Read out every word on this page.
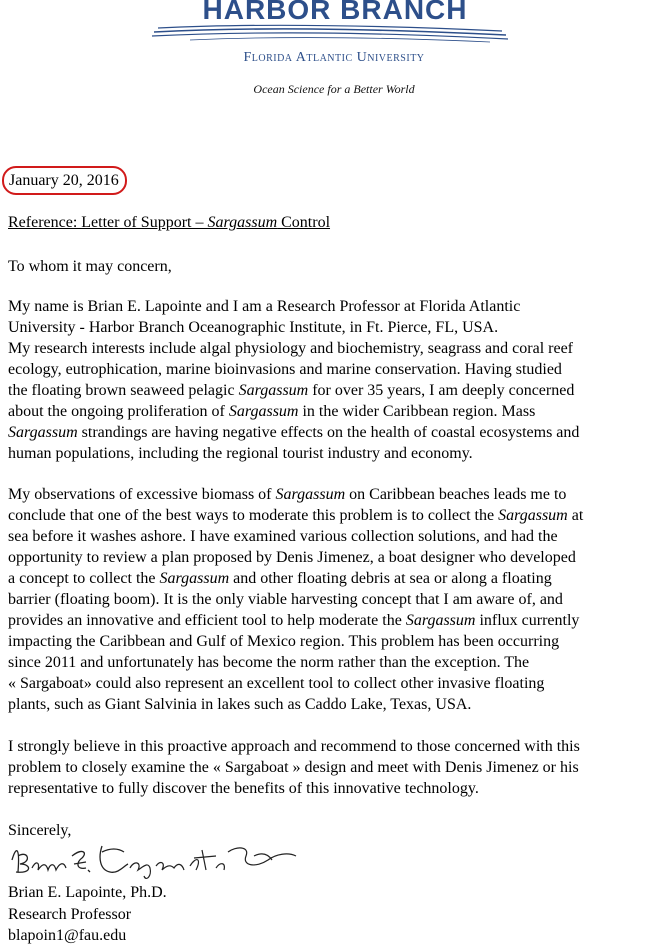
HARBOR BRANCH
Florida Atlantic University
Ocean Science for a Better World
January 20, 2016
Reference: Letter of Support – Sargassum Control
To whom it may concern,
My name is Brian E. Lapointe and I am a Research Professor at Florida Atlantic
University - Harbor Branch Oceanographic Institute, in Ft. Pierce, FL, USA.
My research interests include algal physiology and biochemistry, seagrass and coral reef
ecology, eutrophication, marine bioinvasions and marine conservation. Having studied
the floating brown seaweed pelagic Sargassum for over 35 years, I am deeply concerned
about the ongoing proliferation of Sargassum in the wider Caribbean region. Mass
Sargassum strandings are having negative effects on the health of coastal ecosystems and
human populations, including the regional tourist industry and economy.
My observations of excessive biomass of Sargassum on Caribbean beaches leads me to
conclude that one of the best ways to moderate this problem is to collect the Sargassum at
sea before it washes ashore. I have examined various collection solutions, and had the
opportunity to review a plan proposed by Denis Jimenez, a boat designer who developed
a concept to collect the Sargassum and other floating debris at sea or along a floating
barrier (floating boom). It is the only viable harvesting concept that I am aware of, and
provides an innovative and efficient tool to help moderate the Sargassum influx currently
impacting the Caribbean and Gulf of Mexico region. This problem has been occurring
since 2011 and unfortunately has become the norm rather than the exception. The
« Sargaboat» could also represent an excellent tool to collect other invasive floating
plants, such as Giant Salvinia in lakes such as Caddo Lake, Texas, USA.
I strongly believe in this proactive approach and recommend to those concerned with this
problem to closely examine the « Sargaboat » design and meet with Denis Jimenez or his
representative to fully discover the benefits of this innovative technology.
Sincerely,
Brian E. Lapointe, Ph.D.
Research Professor
blapoin1@fau.edu
